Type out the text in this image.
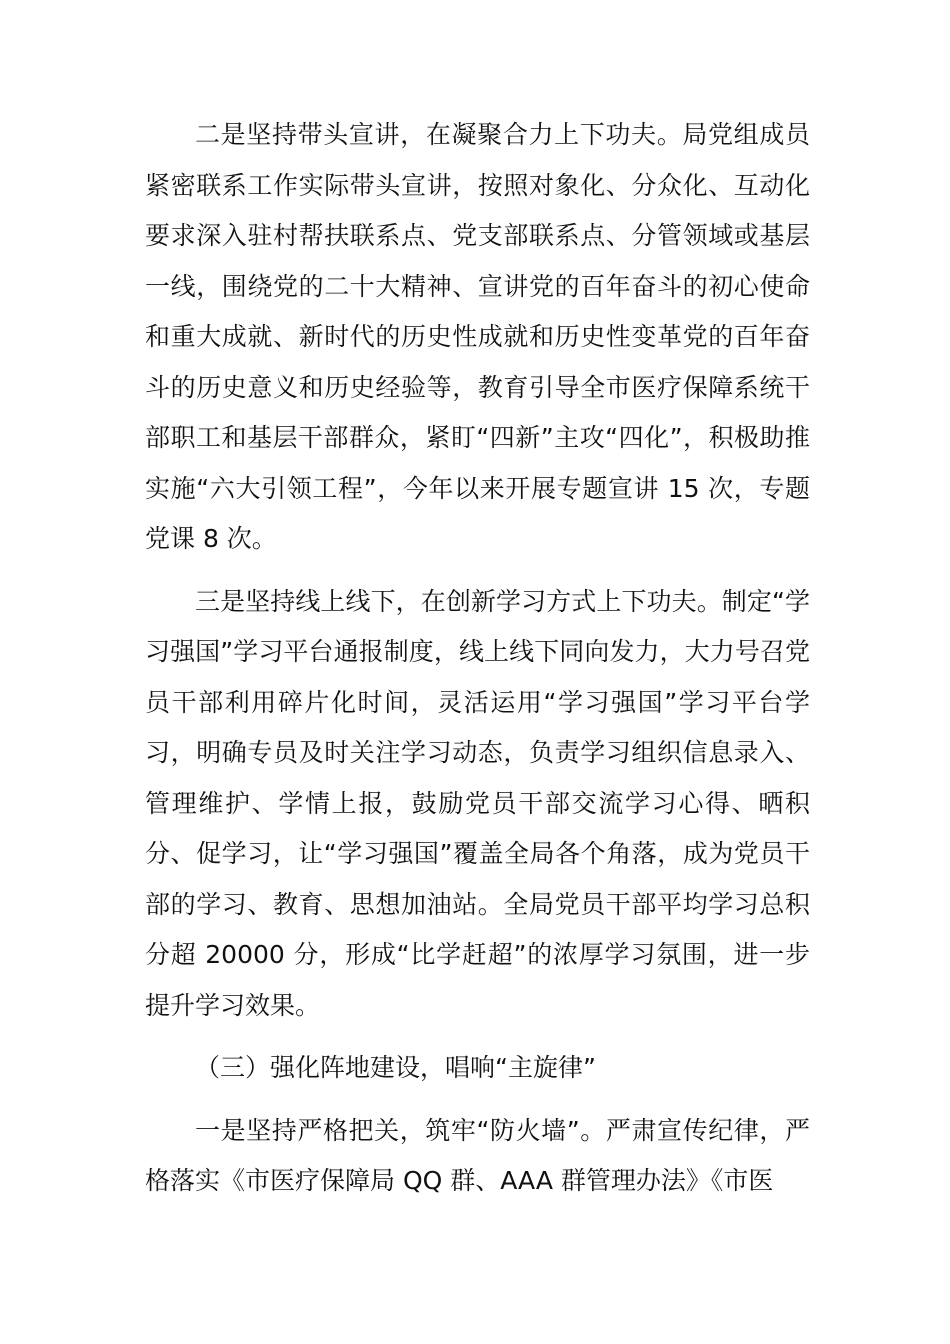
二是坚持带头宣讲，在凝聚合力上下功夫。局党组成员紧密联系工作实际带头宣讲，按照对象化、分众化、互动化要求深入驻村帮扶联系点、党支部联系点、分管领域或基层一线，围绕党的二十大精神、宣讲党的百年奋斗的初心使命和重大成就、新时代的历史性成就和历史性变革党的百年奋斗的历史意义和历史经验等，教育引导全市医疗保障系统干部职工和基层干部群众，紧盯“四新”主攻“四化”，积极助推实施“六大引领工程”，今年以来开展专题宣讲 15 次，专题党课 8 次。

三是坚持线上线下，在创新学习方式上下功夫。制定“学习强国”学习平台通报制度，线上线下同向发力，大力号召党员干部利用碎片化时间，灵活运用“学习强国”学习平台学习，明确专员及时关注学习动态，负责学习组织信息录入、管理维护、学情上报，鼓励党员干部交流学习心得、晒积分、促学习，让“学习强国”覆盖全局各个角落，成为党员干部的学习、教育、思想加油站。全局党员干部平均学习总积分超 20000 分，形成“比学赶超”的浓厚学习氛围，进一步提升学习效果。

（三）强化阵地建设，唱响“主旋律”

一是坚持严格把关，筑牢“防火墙”。严肃宣传纪律，严格落实《市医疗保障局 QQ 群、AAA 群管理办法》《市医
